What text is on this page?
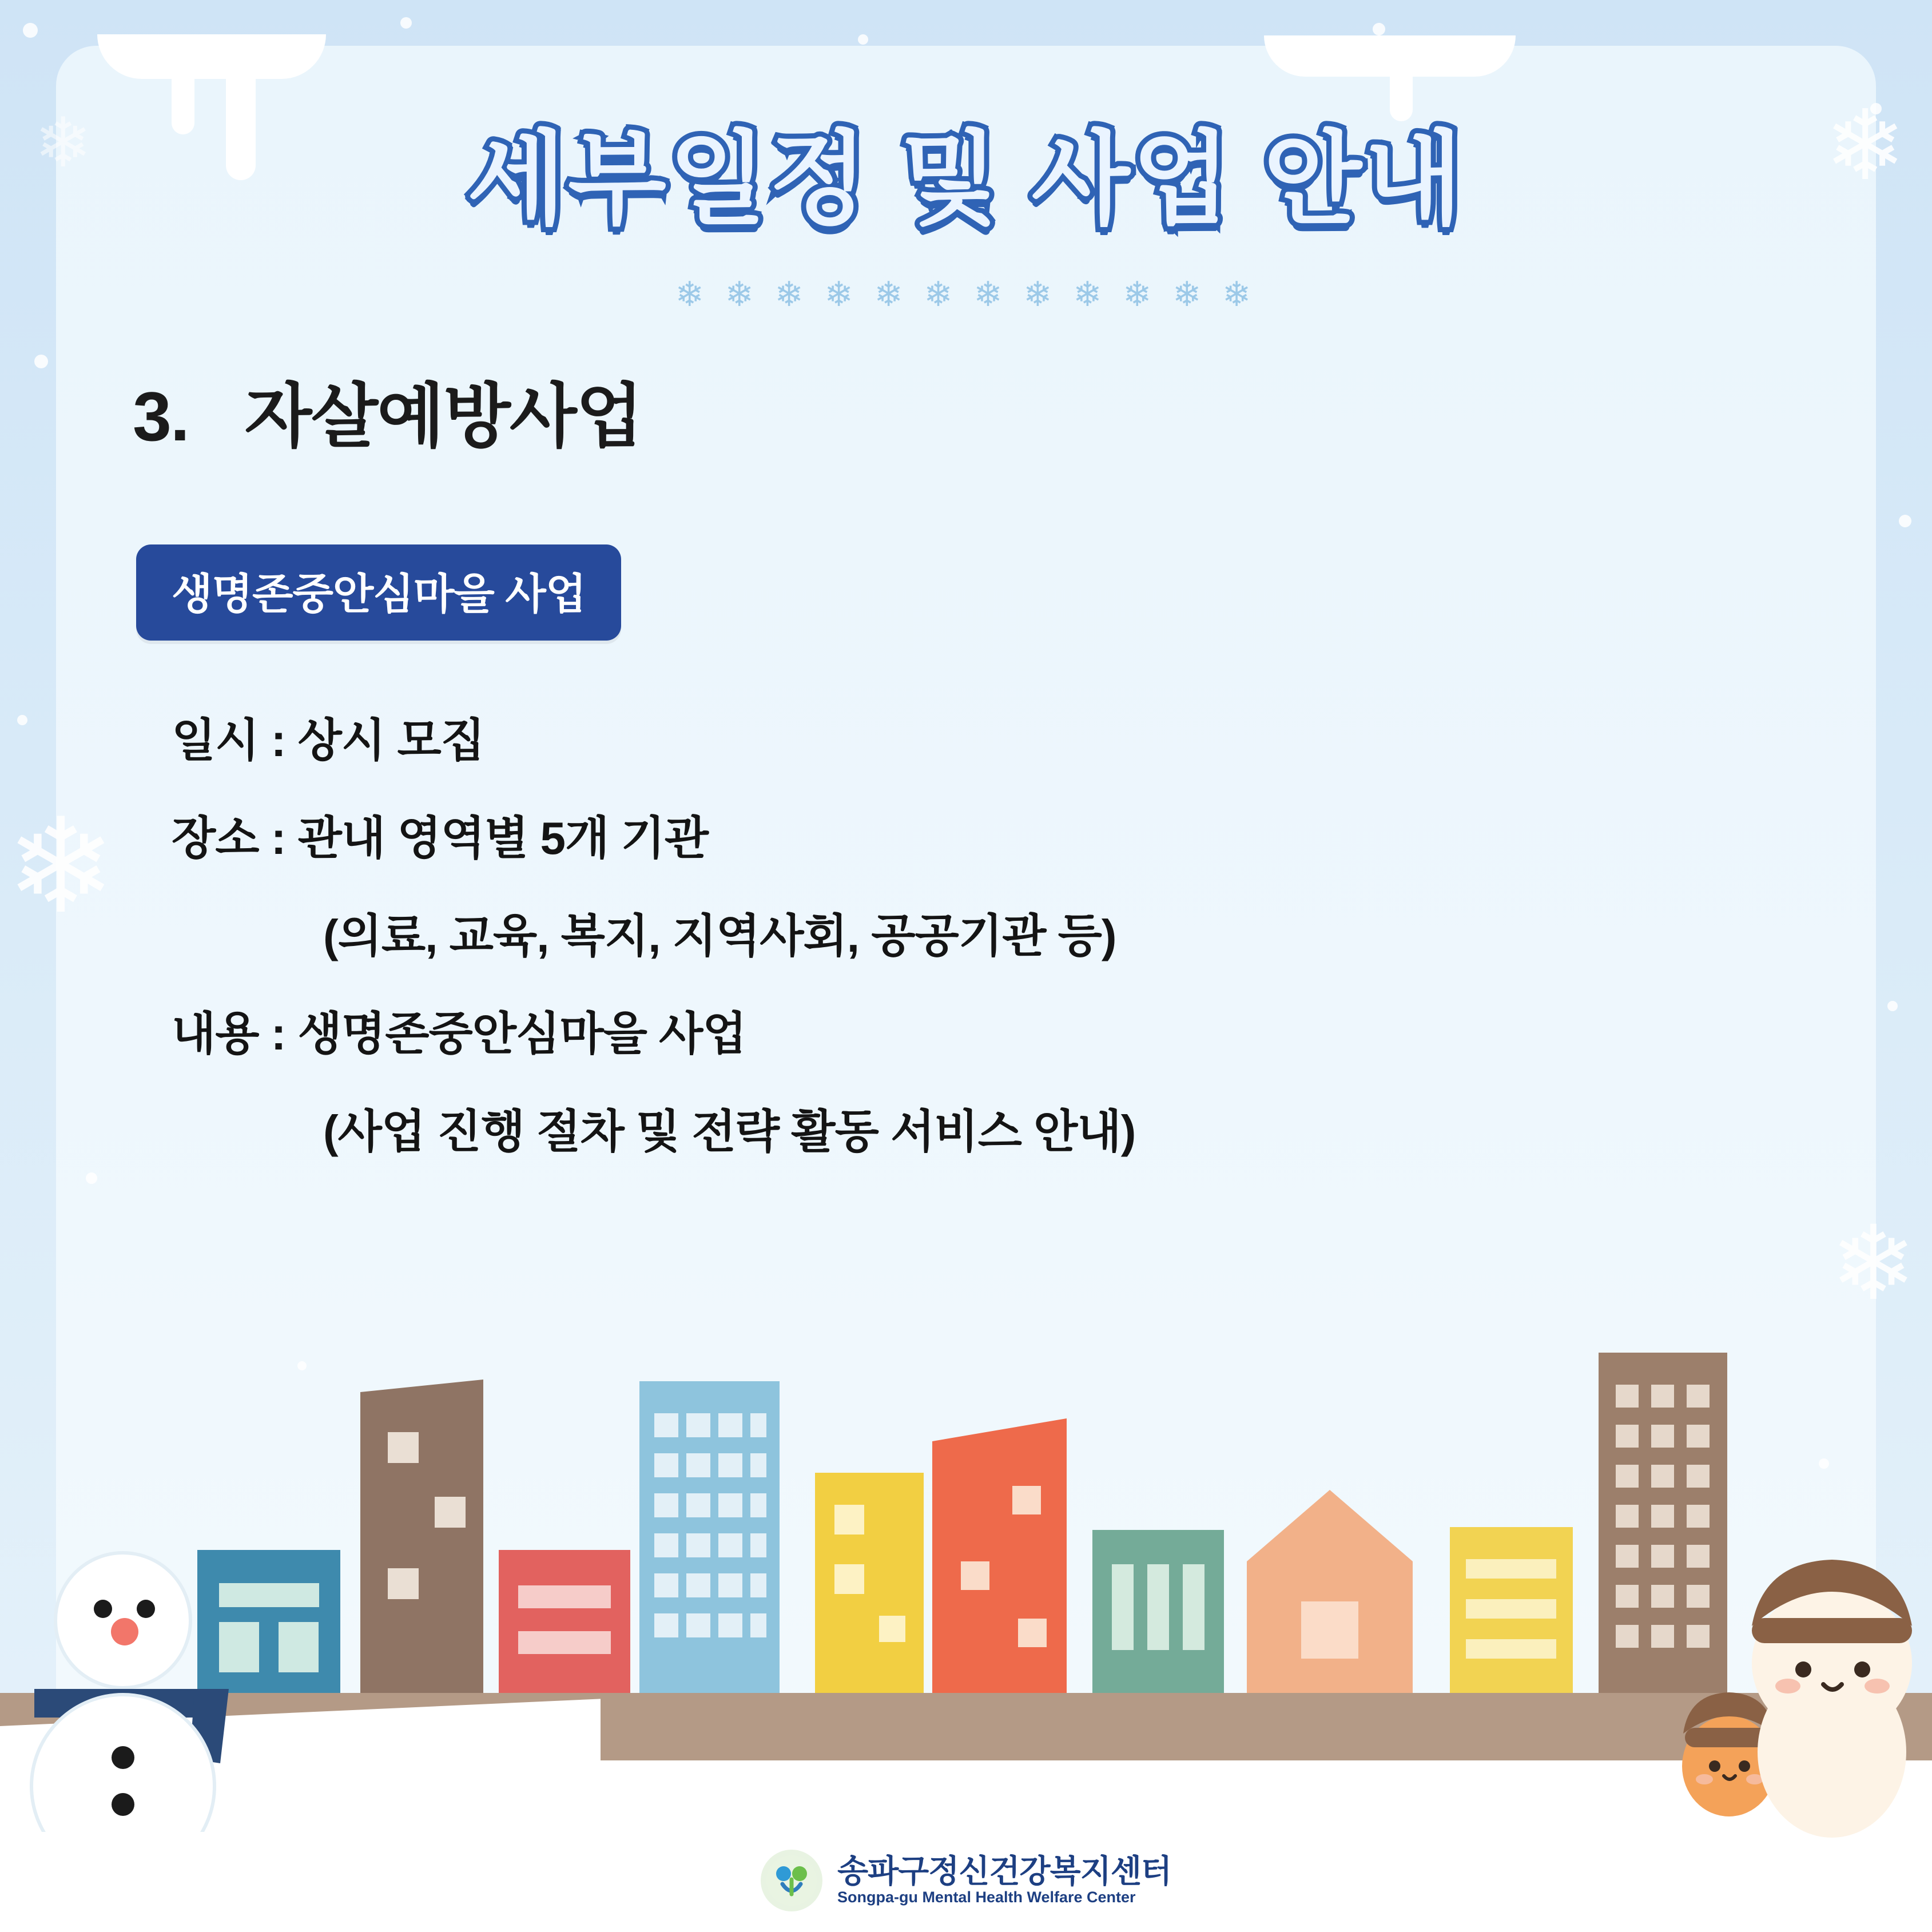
❄
❄
❄
❄	세부일정 및 사업 안내
❄ ❄ ❄ ❄ ❄ ❄ ❄ ❄ ❄ ❄ ❄ ❄
3. 자살예방사업
생명존중안심마을 사업
일시 : 상시 모집
장소 : 관내 영역별 5개 기관
(의료, 교육, 복지, 지역사회, 공공기관 등)
내용 : 생명존중안심마을 사업
(사업 진행 절차 및 전략 활동 서비스 안내)
송파구정신건강복지센터
Songpa-gu Mental Health Welfare Center
